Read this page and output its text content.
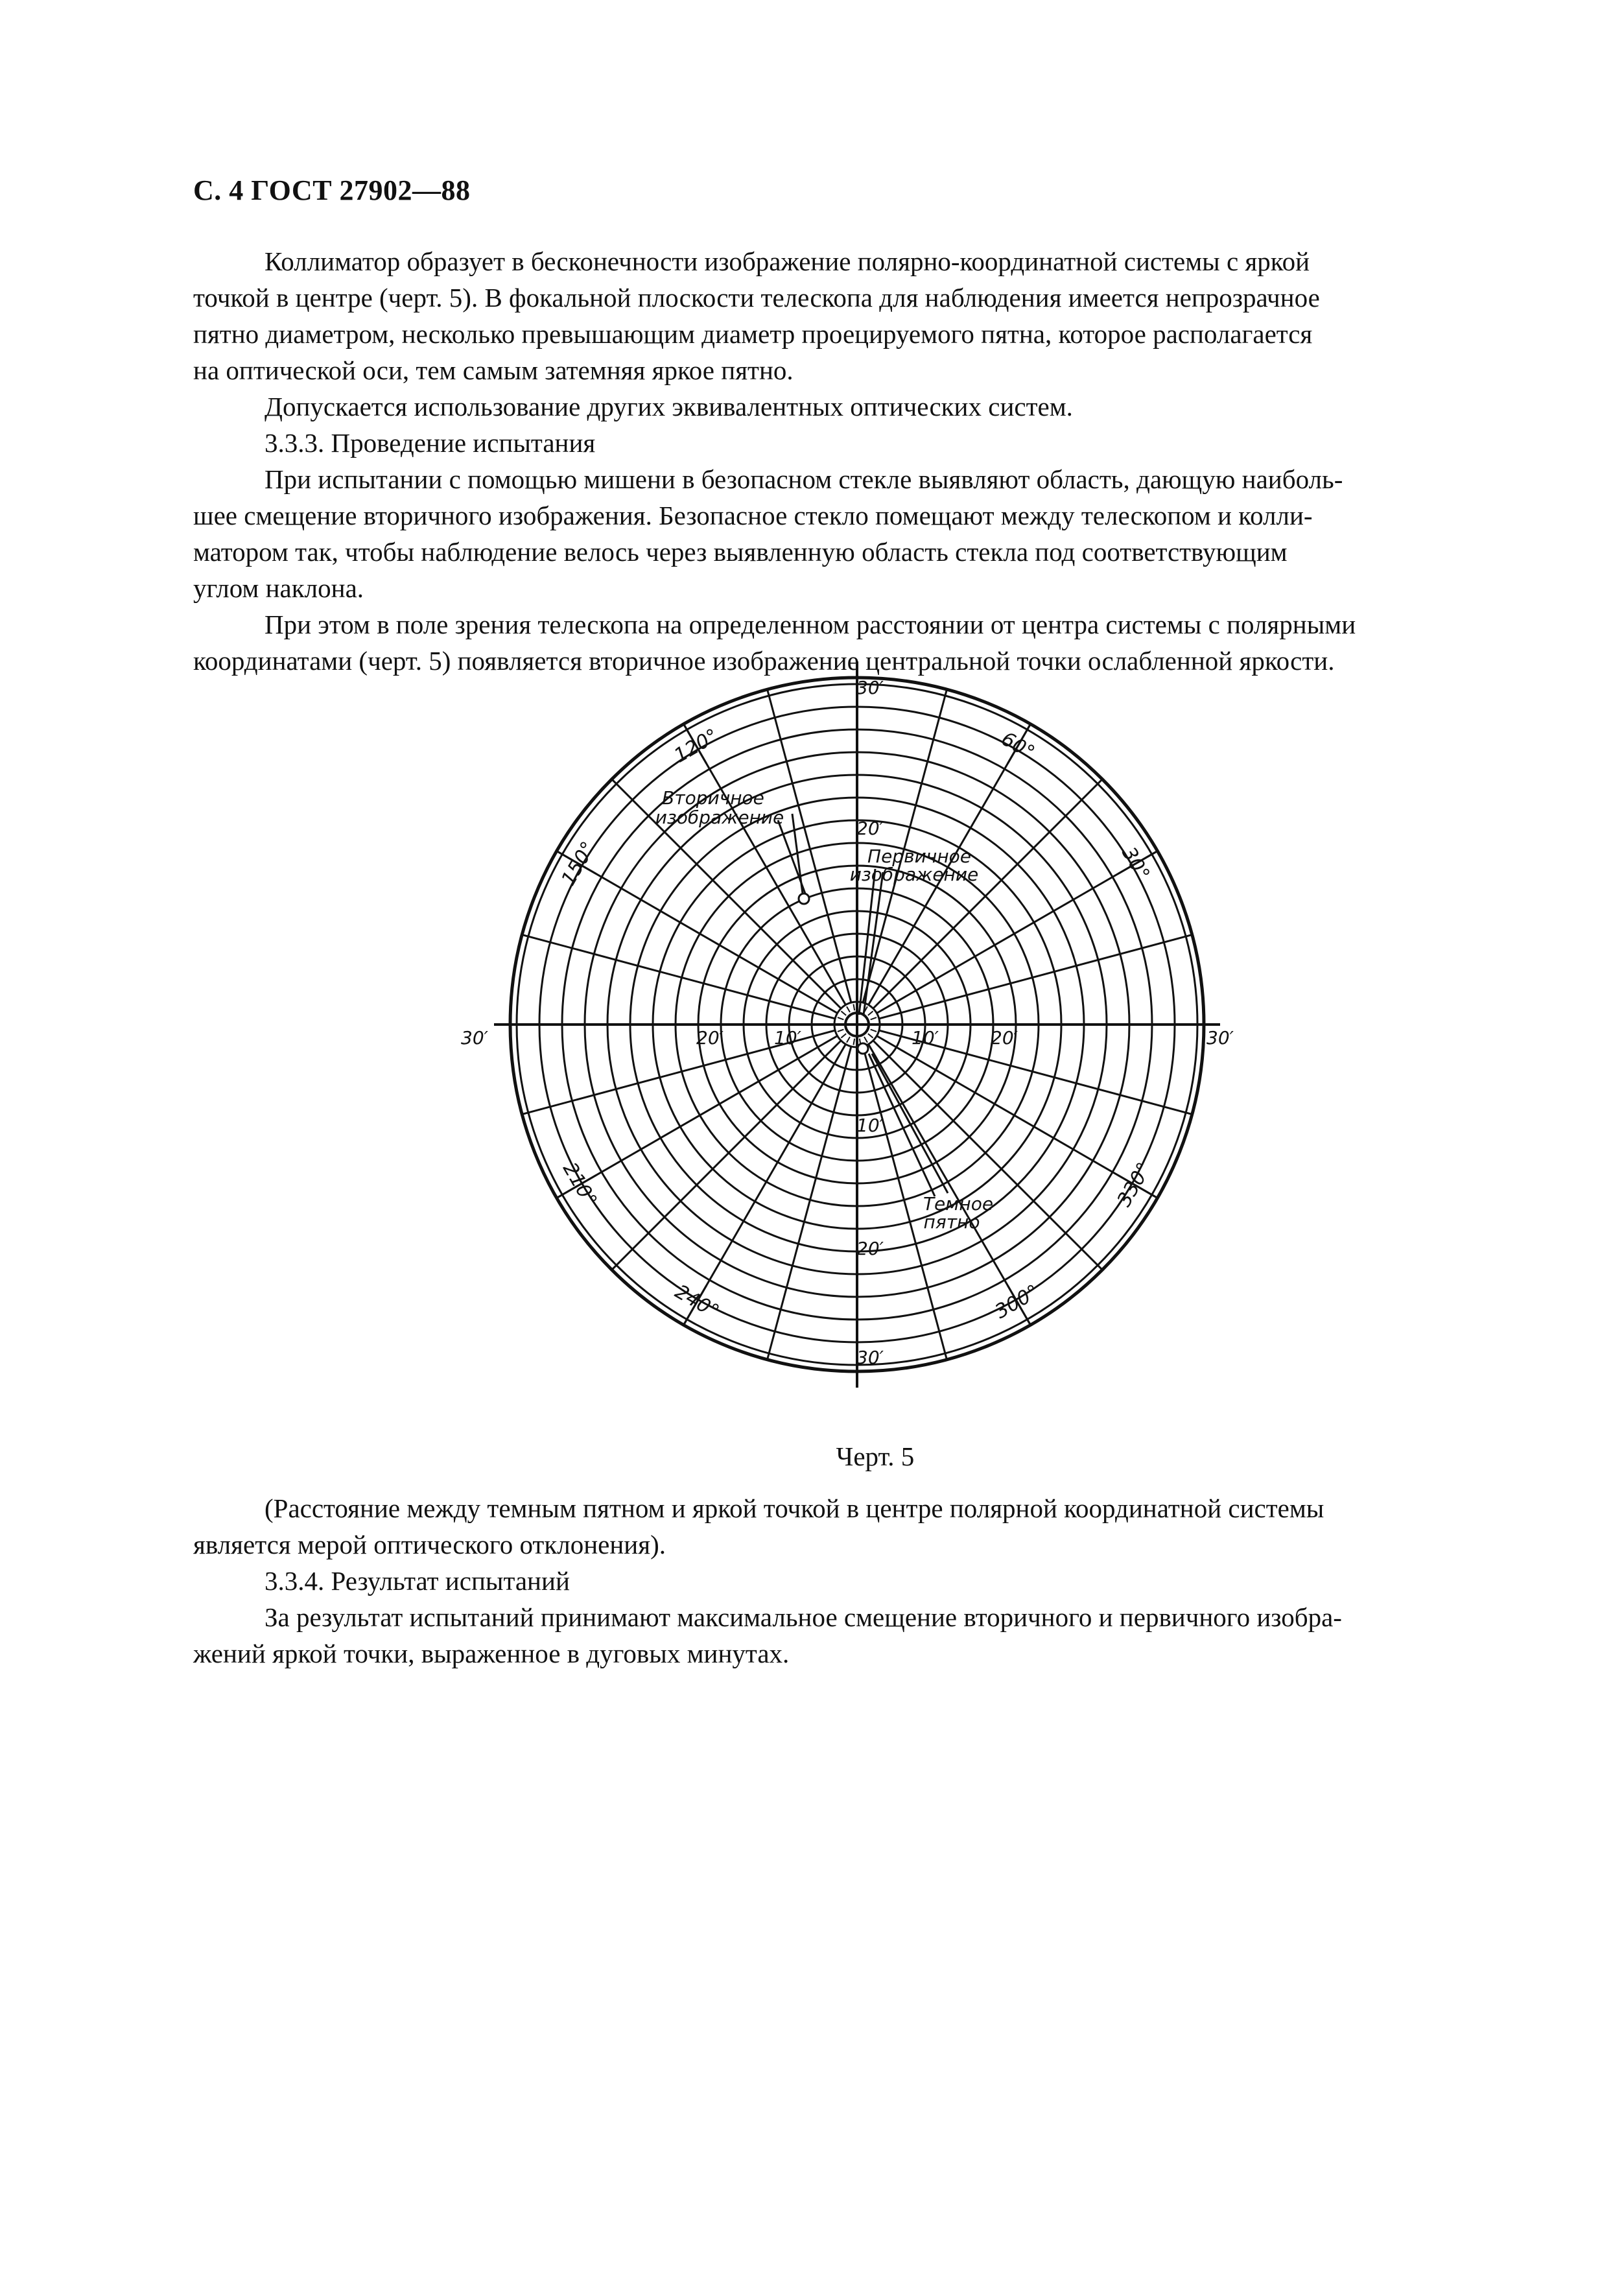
С. 4 ГОСТ 27902—88
Коллиматор образует в бесконечности изображение полярно-координатной системы с яркой
точкой в центре (черт. 5). В фокальной плоскости телескопа для наблюдения имеется непрозрачное
пятно диаметром, несколько превышающим диаметр проецируемого пятна, которое располагается
на оптической оси, тем самым затемняя яркое пятно.
Допускается использование других эквивалентных оптических систем.
3.3.3. Проведение испытания
При испытании с помощью мишени в безопасном стекле выявляют область, дающую наиболь-
шее смещение вторичного изображения. Безопасное стекло помещают между телескопом и колли-
матором так, чтобы наблюдение велось через выявленную область стекла под соответствующим
углом наклона.
При этом в поле зрения телескопа на определенном расстоянии от центра системы с полярными
координатами (черт. 5) появляется вторичное изображение центральной точки ослабленной яркости.
30°
60°
120°
150°
210°
240°	300°
330°
30′	20′	10′	10′	20′	30′
30′
20′
10′
20′
30′
Вторичное
изображение
Первичное
изображение
Темное
пятно
Черт. 5
(Расстояние между темным пятном и яркой точкой в центре полярной координатной системы
является мерой оптического отклонения).
3.3.4. Результат испытаний
За результат испытаний принимают максимальное смещение вторичного и первичного изобра-
жений яркой точки, выраженное в дуговых минутах.
